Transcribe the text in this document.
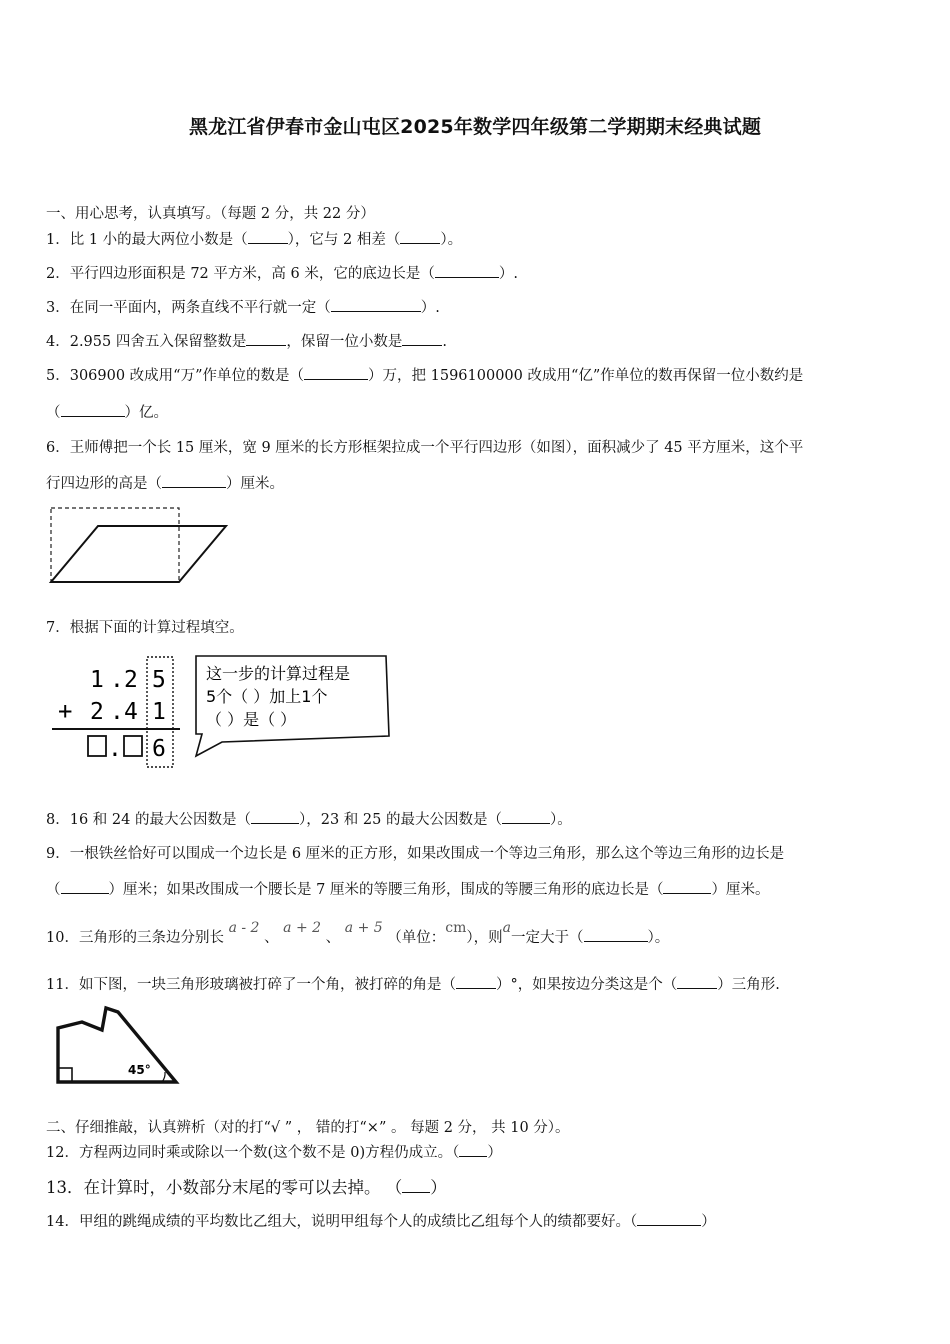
黑龙江省伊春市金山屯区2025年数学四年级第二学期期末经典试题
一、用心思考，认真填写。（每题 2 分，共 22 分）
1．比 1 小的最大两位小数是（	），它与 2 相差（	）。
2．平行四边形面积是 72 平方米，高 6 米，它的底边长是（	）.
3．在同一平面内，两条直线不平行就一定（	）.
4．2.955 四舍五入保留整数是	，保留一位小数是	.
5．306900 改成用“万”作单位的数是（	）万，把 1596100000 改成用“亿”作单位的数再保留一位小数约是
（	）亿。
6．王师傅把一个长 15 厘米，宽 9 厘米的长方形框架拉成一个平行四边形（如图），面积减少了 45 平方厘米，这个平
行四边形的高是（	）厘米。
7．根据下面的计算过程填空。
1 . 2 5
+ 2 . 4 1
. 6
这一步的计算过程是
5个（ ）加上1个
（ ）是（ ）
8．16 和 24 的最大公因数是（	），23 和 25 的最大公因数是（	）。
9．一根铁丝恰好可以围成一个边长是 6 厘米的正方形，如果改围成一个等边三角形，那么这个等边三角形的边长是
（	）厘米；如果改围成一个腰长是 7 厘米的等腰三角形，围成的等腰三角形的底边长是（	）厘米。
10．三角形的三条边分别长 a - 2 、 a + 2 、 a + 5 （单位：cm），则a一定大于（	）。
11．如下图，一块三角形玻璃被打碎了一个角，被打碎的角是（	）°，如果按边分类这是个（	）三角形.
45°
二、仔细推敲，认真辨析（对的打“√ ” ， 错的打“×” 。 每题 2 分， 共 10 分）。
12．方程两边同时乘或除以一个数(这个数不是 0)方程仍成立。（ ）
13．在计算时，小数部分末尾的零可以去掉。 （ ）
14．甲组的跳绳成绩的平均数比乙组大，说明甲组每个人的成绩比乙组每个人的绩都要好。（	）
